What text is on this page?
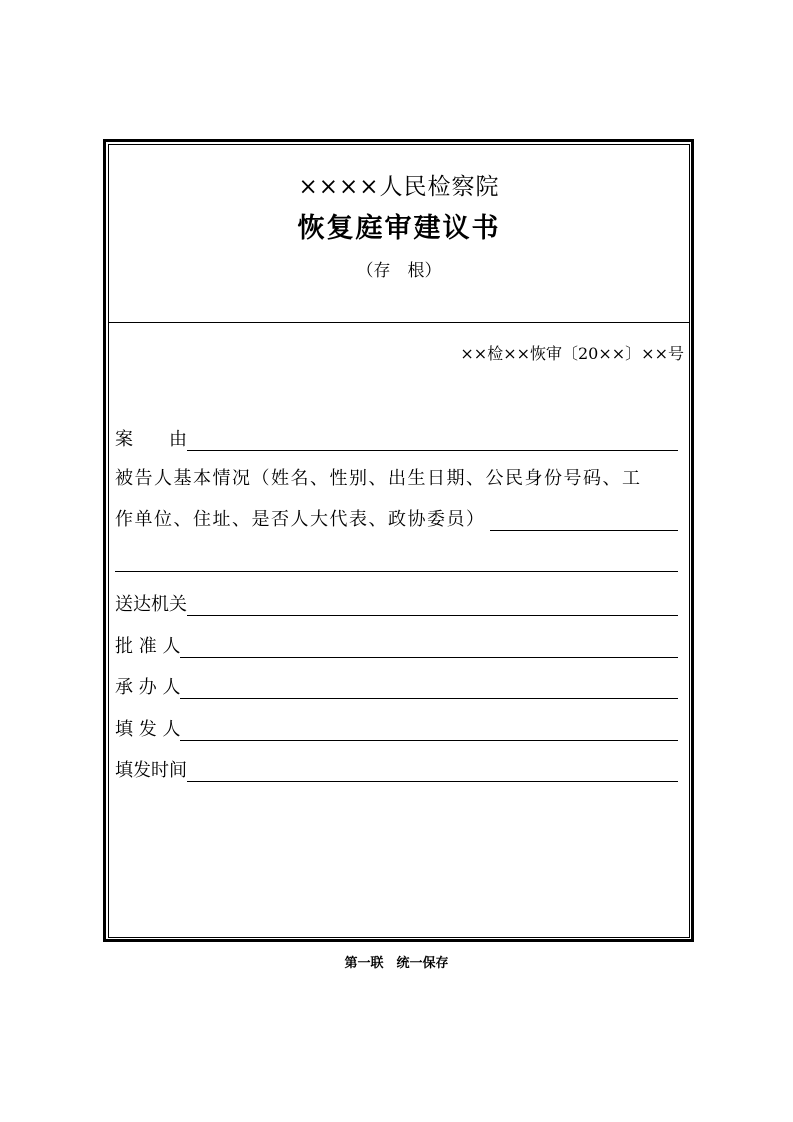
××××人民检察院
恢复庭审建议书
（存　根）
××检××恢审〔20××〕××号
案　　由
被告人基本情况（姓名、性别、出生日期、公民身份号码、工
作单位、住址、是否人大代表、政协委员）
送达机关
批 准 人
承 办 人
填 发 人
填发时间
第一联　统一保存
